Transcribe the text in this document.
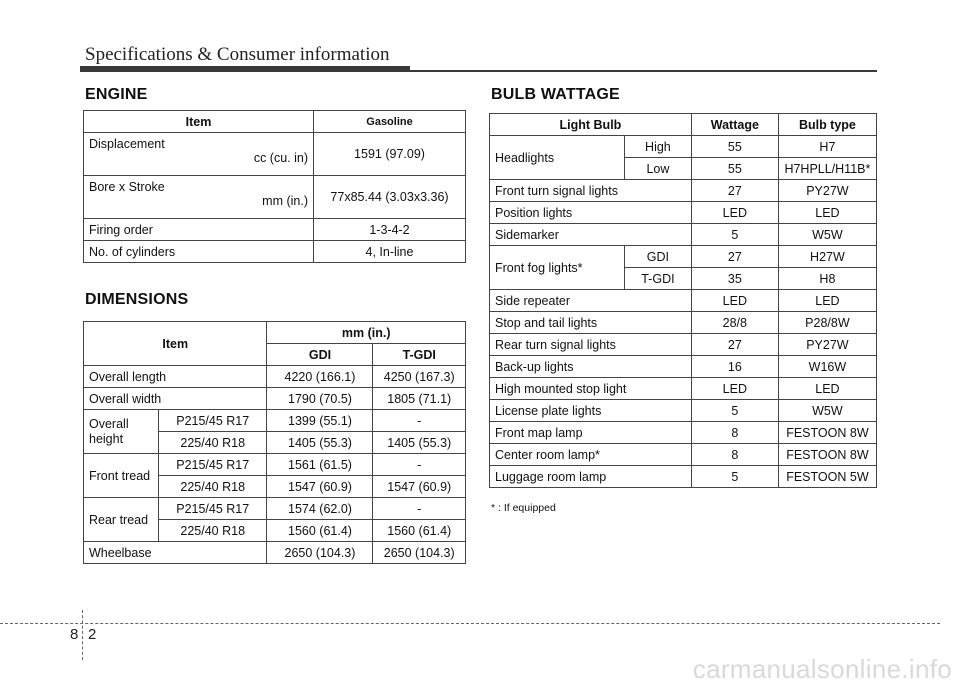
Specifications & Consumer information
ENGINE
Item	Gasoline

Displacement
cc (cu. in)	1591 (97.09)

Bore x Stroke
mm (in.)	77x85.44 (3.03x3.36)
Firing order	1-3-4-2
No. of cylinders	4, In-line
DIMENSIONS
Item		mm (in.)	
		GDI	T-GDI
Overall length		4220 (166.1)	4250 (167.3)
Overall width		1790 (70.5)	1805 (71.1)
Overall height	P215/45 R17	1399 (55.1)	-
	225/40 R18	1405 (55.3)	1405 (55.3)
Front tread	P215/45 R17	1561 (61.5)	-
	225/40 R18	1547 (60.9)	1547 (60.9)
Rear tread	P215/45 R17	1574 (62.0)	-
	225/40 R18	1560 (61.4)	1560 (61.4)
Wheelbase		2650 (104.3)	2650 (104.3)
BULB WATTAGE
Light Bulb		Wattage	Bulb type
Headlights	High	55	H7
	Low	55	H7HPLL/H11B*
Front turn signal lights		27	PY27W
Position lights		LED	LED
Sidemarker		5	W5W
Front fog lights*	GDI	27	H27W
	T-GDI	35	H8
Side repeater		LED	LED
Stop and tail lights		28/8	P28/8W
Rear turn signal lights		27	PY27W
Back-up lights		16	W16W
High mounted stop light		LED	LED
License plate lights		5	W5W
Front map lamp		8	FESTOON 8W
Center room lamp*		8	FESTOON 8W
Luggage room lamp		5	FESTOON 5W
* : If equipped
8 2
carmanualsonline.info
